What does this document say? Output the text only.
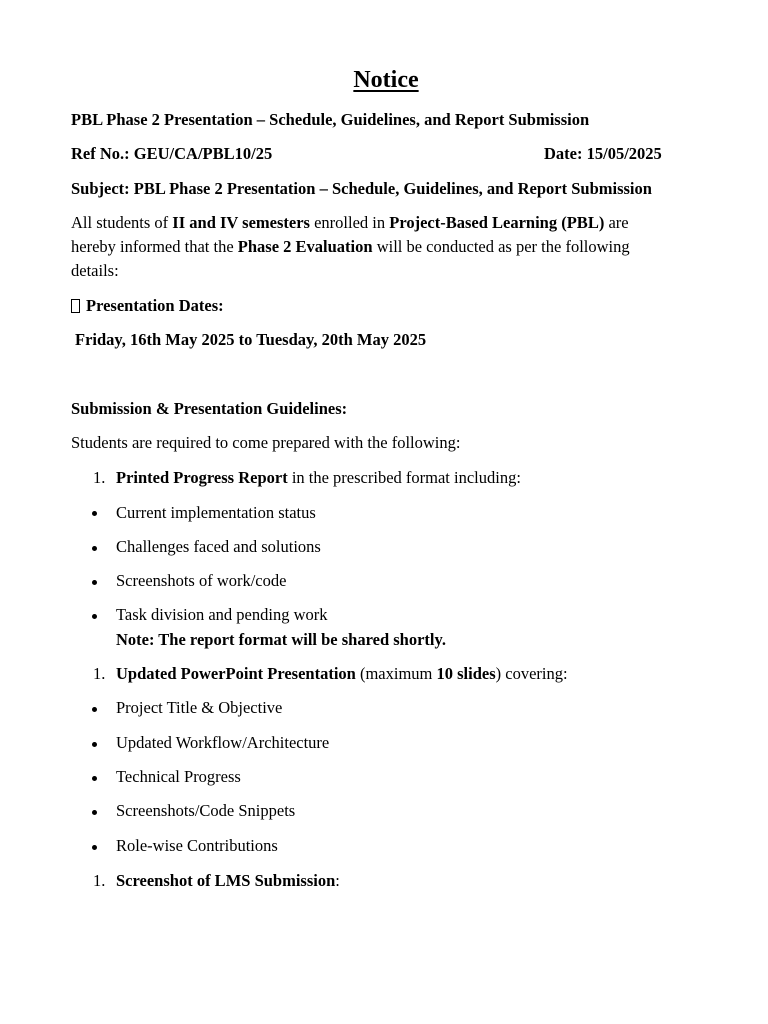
Notice
PBL Phase 2 Presentation – Schedule, Guidelines, and Report Submission
Ref No.: GEU/CA/PBL10/25	Date: 15/05/2025
Subject: PBL Phase 2 Presentation – Schedule, Guidelines, and Report Submission
All students of II and IV semesters enrolled in Project-Based Learning (PBL) are
hereby informed that the Phase 2 Evaluation will be conducted as per the following
details:
Presentation Dates:
Friday, 16th May 2025 to Tuesday, 20th May 2025
Submission & Presentation Guidelines:
Students are required to come prepared with the following:
1. Printed Progress Report in the prescribed format including:
Current implementation status
Challenges faced and solutions
Screenshots of work/code
Task division and pending work
Note: The report format will be shared shortly.
1. Updated PowerPoint Presentation (maximum 10 slides) covering:
Project Title & Objective
Updated Workflow/Architecture
Technical Progress
Screenshots/Code Snippets
Role-wise Contributions
1. Screenshot of LMS Submission:
